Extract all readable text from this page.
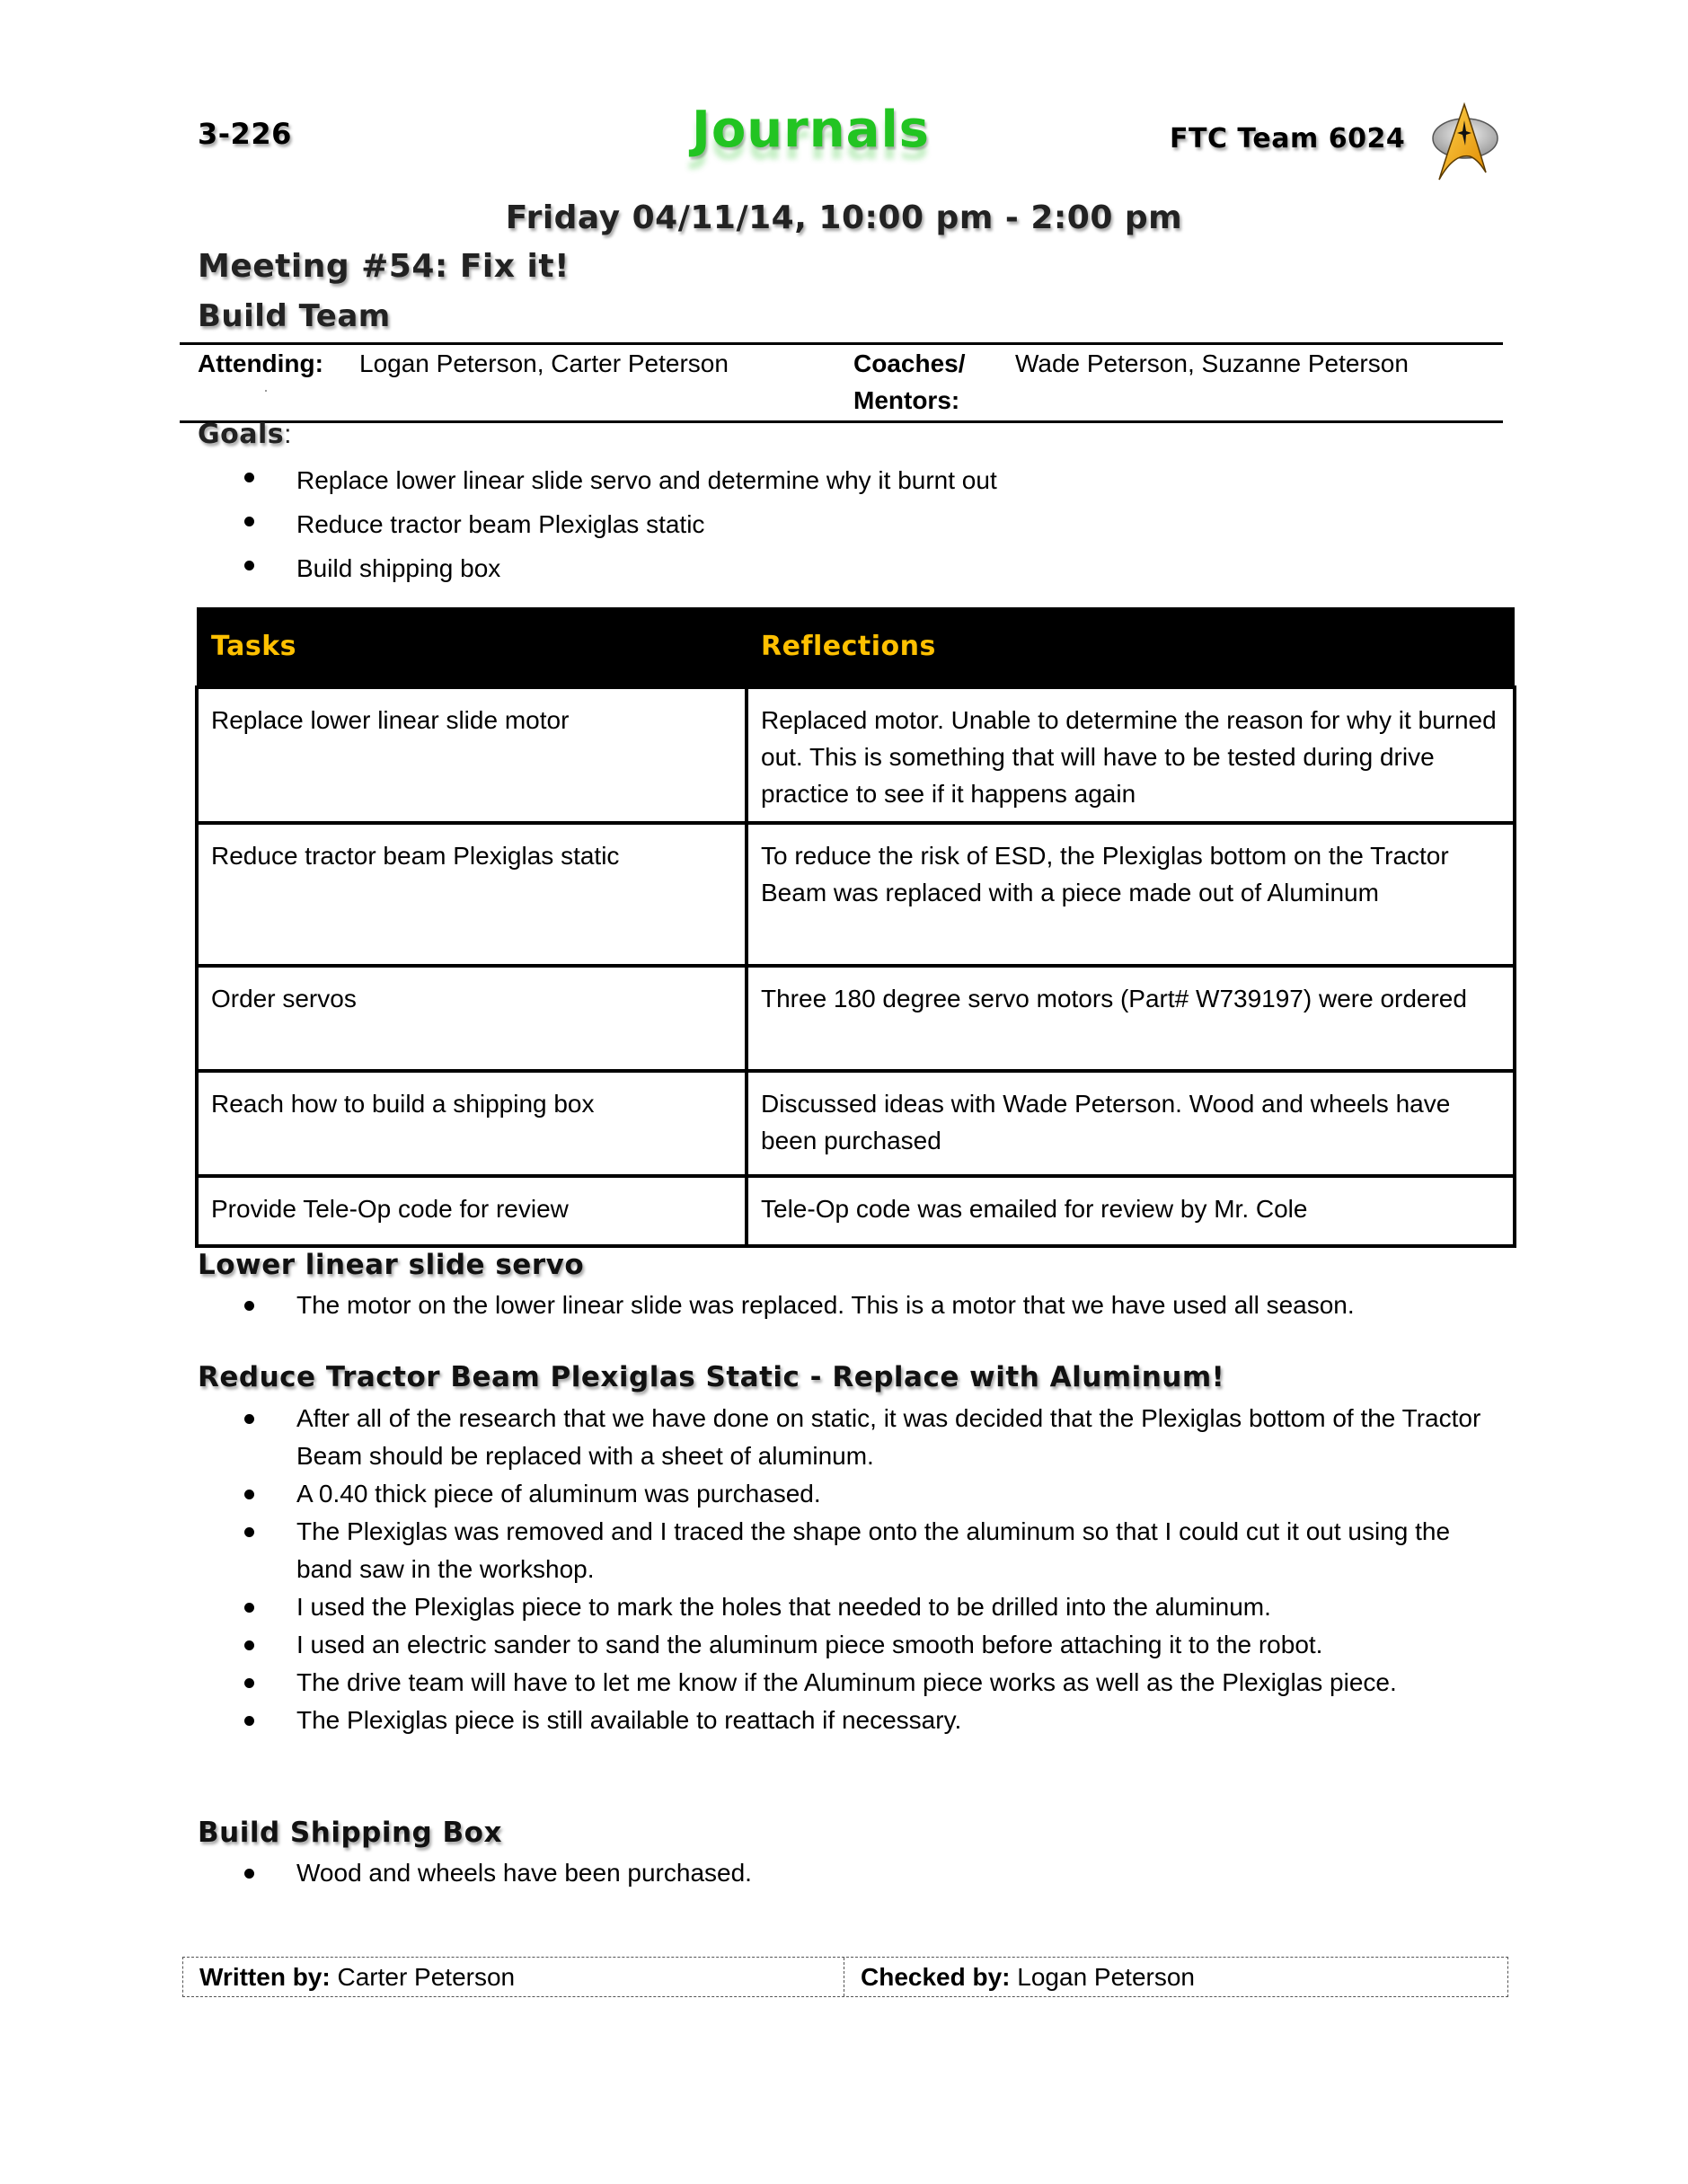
3-226	Journals	FTC Team 6024
Friday 04/11/14, 10:00 pm - 2:00 pm
Meeting #54: Fix it!
Build Team
Attending: Logan Peterson, Carter Peterson	Coaches/
Mentors:
Wade Peterson, Suzanne Peterson
Goals:
Replace lower linear slide servo and determine why it burnt out
Reduce tractor beam Plexiglas static
Build shipping box
Tasks	Reflections
Replace lower linear slide motor	Replaced motor. Unable to determine the reason for why it burned out. This is something that will have to be tested during drive practice to see if it happens again
Reduce tractor beam Plexiglas static	To reduce the risk of ESD, the Plexiglas bottom on the Tractor Beam was replaced with a piece made out of Aluminum
Order servos	Three 180 degree servo motors (Part# W739197) were ordered
Reach how to build a shipping box	Discussed ideas with Wade Peterson. Wood and wheels have been purchased
Provide Tele-Op code for review	Tele-Op code was emailed for review by Mr. Cole
Lower linear slide servo
The motor on the lower linear slide was replaced. This is a motor that we have used all season.
Reduce Tractor Beam Plexiglas Static - Replace with Aluminum!
After all of the research that we have done on static, it was decided that the Plexiglas bottom of the Tractor Beam should be replaced with a sheet of aluminum.
A 0.40 thick piece of aluminum was purchased.
The Plexiglas was removed and I traced the shape onto the aluminum so that I could cut it out using the band saw in the workshop.
I used the Plexiglas piece to mark the holes that needed to be drilled into the aluminum.
I used an electric sander to sand the aluminum piece smooth before attaching it to the robot.
The drive team will have to let me know if the Aluminum piece works as well as the Plexiglas piece.
The Plexiglas piece is still available to reattach if necessary.
Build Shipping Box
Wood and wheels have been purchased.
Written by: Carter Peterson	Checked by: Logan Peterson
